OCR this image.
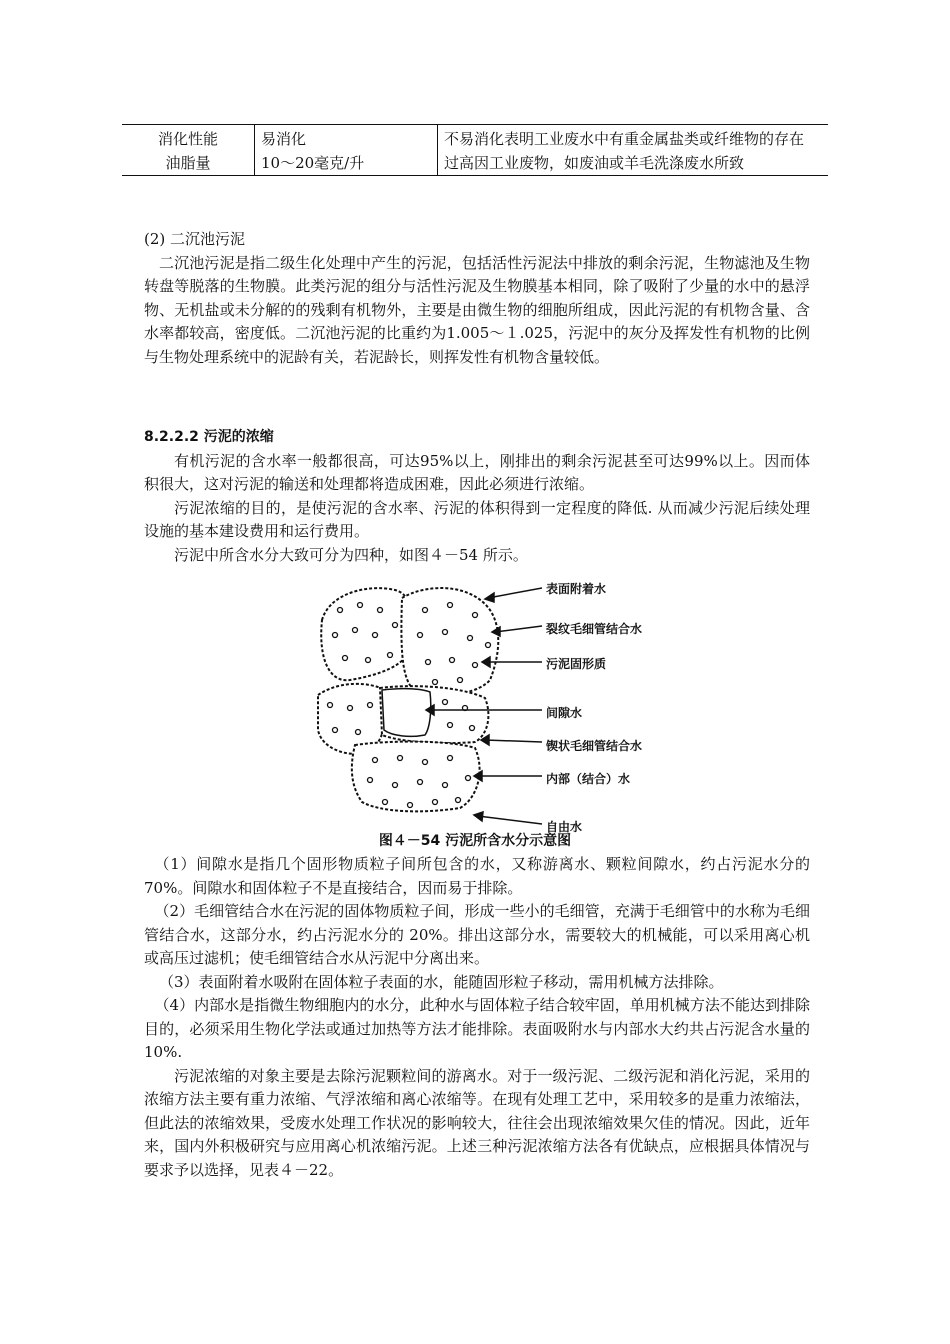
消化性能	易消化	不易消化表明工业废水中有重金属盐类或纤维物的存在
油脂量	10～20毫克/升	过高因工业废物，如废油或羊毛洗涤废水所致

(2) 二沉池污泥

二沉池污泥是指二级生化处理中产生的污泥，包括活性污泥法中排放的剩余污泥，生物滤池及生物转盘等脱落的生物膜。此类污泥的组分与活性污泥及生物膜基本相同，除了吸附了少量的水中的悬浮物、无机盐或未分解的的残剩有机物外，主要是由微生物的细胞所组成，因此污泥的有机物含量、含水率都较高，密度低。二沉池污泥的比重约为1.005～１.025，污泥中的灰分及挥发性有机物的比例与生物处理系统中的泥龄有关，若泥龄长，则挥发性有机物含量较低。

8.2.2.2 污泥的浓缩

有机污泥的含水率一般都很高，可达95%以上，刚排出的剩余污泥甚至可达99%以上。因而体积很大，这对污泥的输送和处理都将造成困难，因此必须进行浓缩。

污泥浓缩的目的，是使污泥的含水率、污泥的体积得到一定程度的降低. 从而减少污泥后续处理设施的基本建设费用和运行费用。

污泥中所含水分大致可分为四种，如图４－54 所示。

表面附着水
裂纹毛细管结合水
污泥固形质
间隙水
锲状毛细管结合水
内部（结合）水
自由水
图４－54 污泥所含水分示意图

（1）间隙水是指几个固形物质粒子间所包含的水，又称游离水、颗粒间隙水，约占污泥水分的 70%。间隙水和固体粒子不是直接结合，因而易于排除。

（2）毛细管结合水在污泥的固体物质粒子间，形成一些小的毛细管，充满于毛细管中的水称为毛细管结合水，这部分水，约占污泥水分的 20%。排出这部分水，需要较大的机械能，可以采用离心机或高压过滤机；使毛细管结合水从污泥中分离出来。

（3）表面附着水吸附在固体粒子表面的水，能随固形粒子移动，需用机械方法排除。

（4）内部水是指微生物细胞内的水分，此种水与固体粒子结合较牢固，单用机械方法不能达到排除目的，必须采用生物化学法或通过加热等方法才能排除。表面吸附水与内部水大约共占污泥含水量的 10%.

污泥浓缩的对象主要是去除污泥颗粒间的游离水。对于一级污泥、二级污泥和消化污泥，采用的浓缩方法主要有重力浓缩、气浮浓缩和离心浓缩等。在现有处理工艺中，采用较多的是重力浓缩法，但此法的浓缩效果，受废水处理工作状况的影响较大，往往会出现浓缩效果欠佳的情况。因此，近年来，国内外积极研究与应用离心机浓缩污泥。上述三种污泥浓缩方法各有优缺点，应根据具体情况与要求予以选择，见表４－22。
